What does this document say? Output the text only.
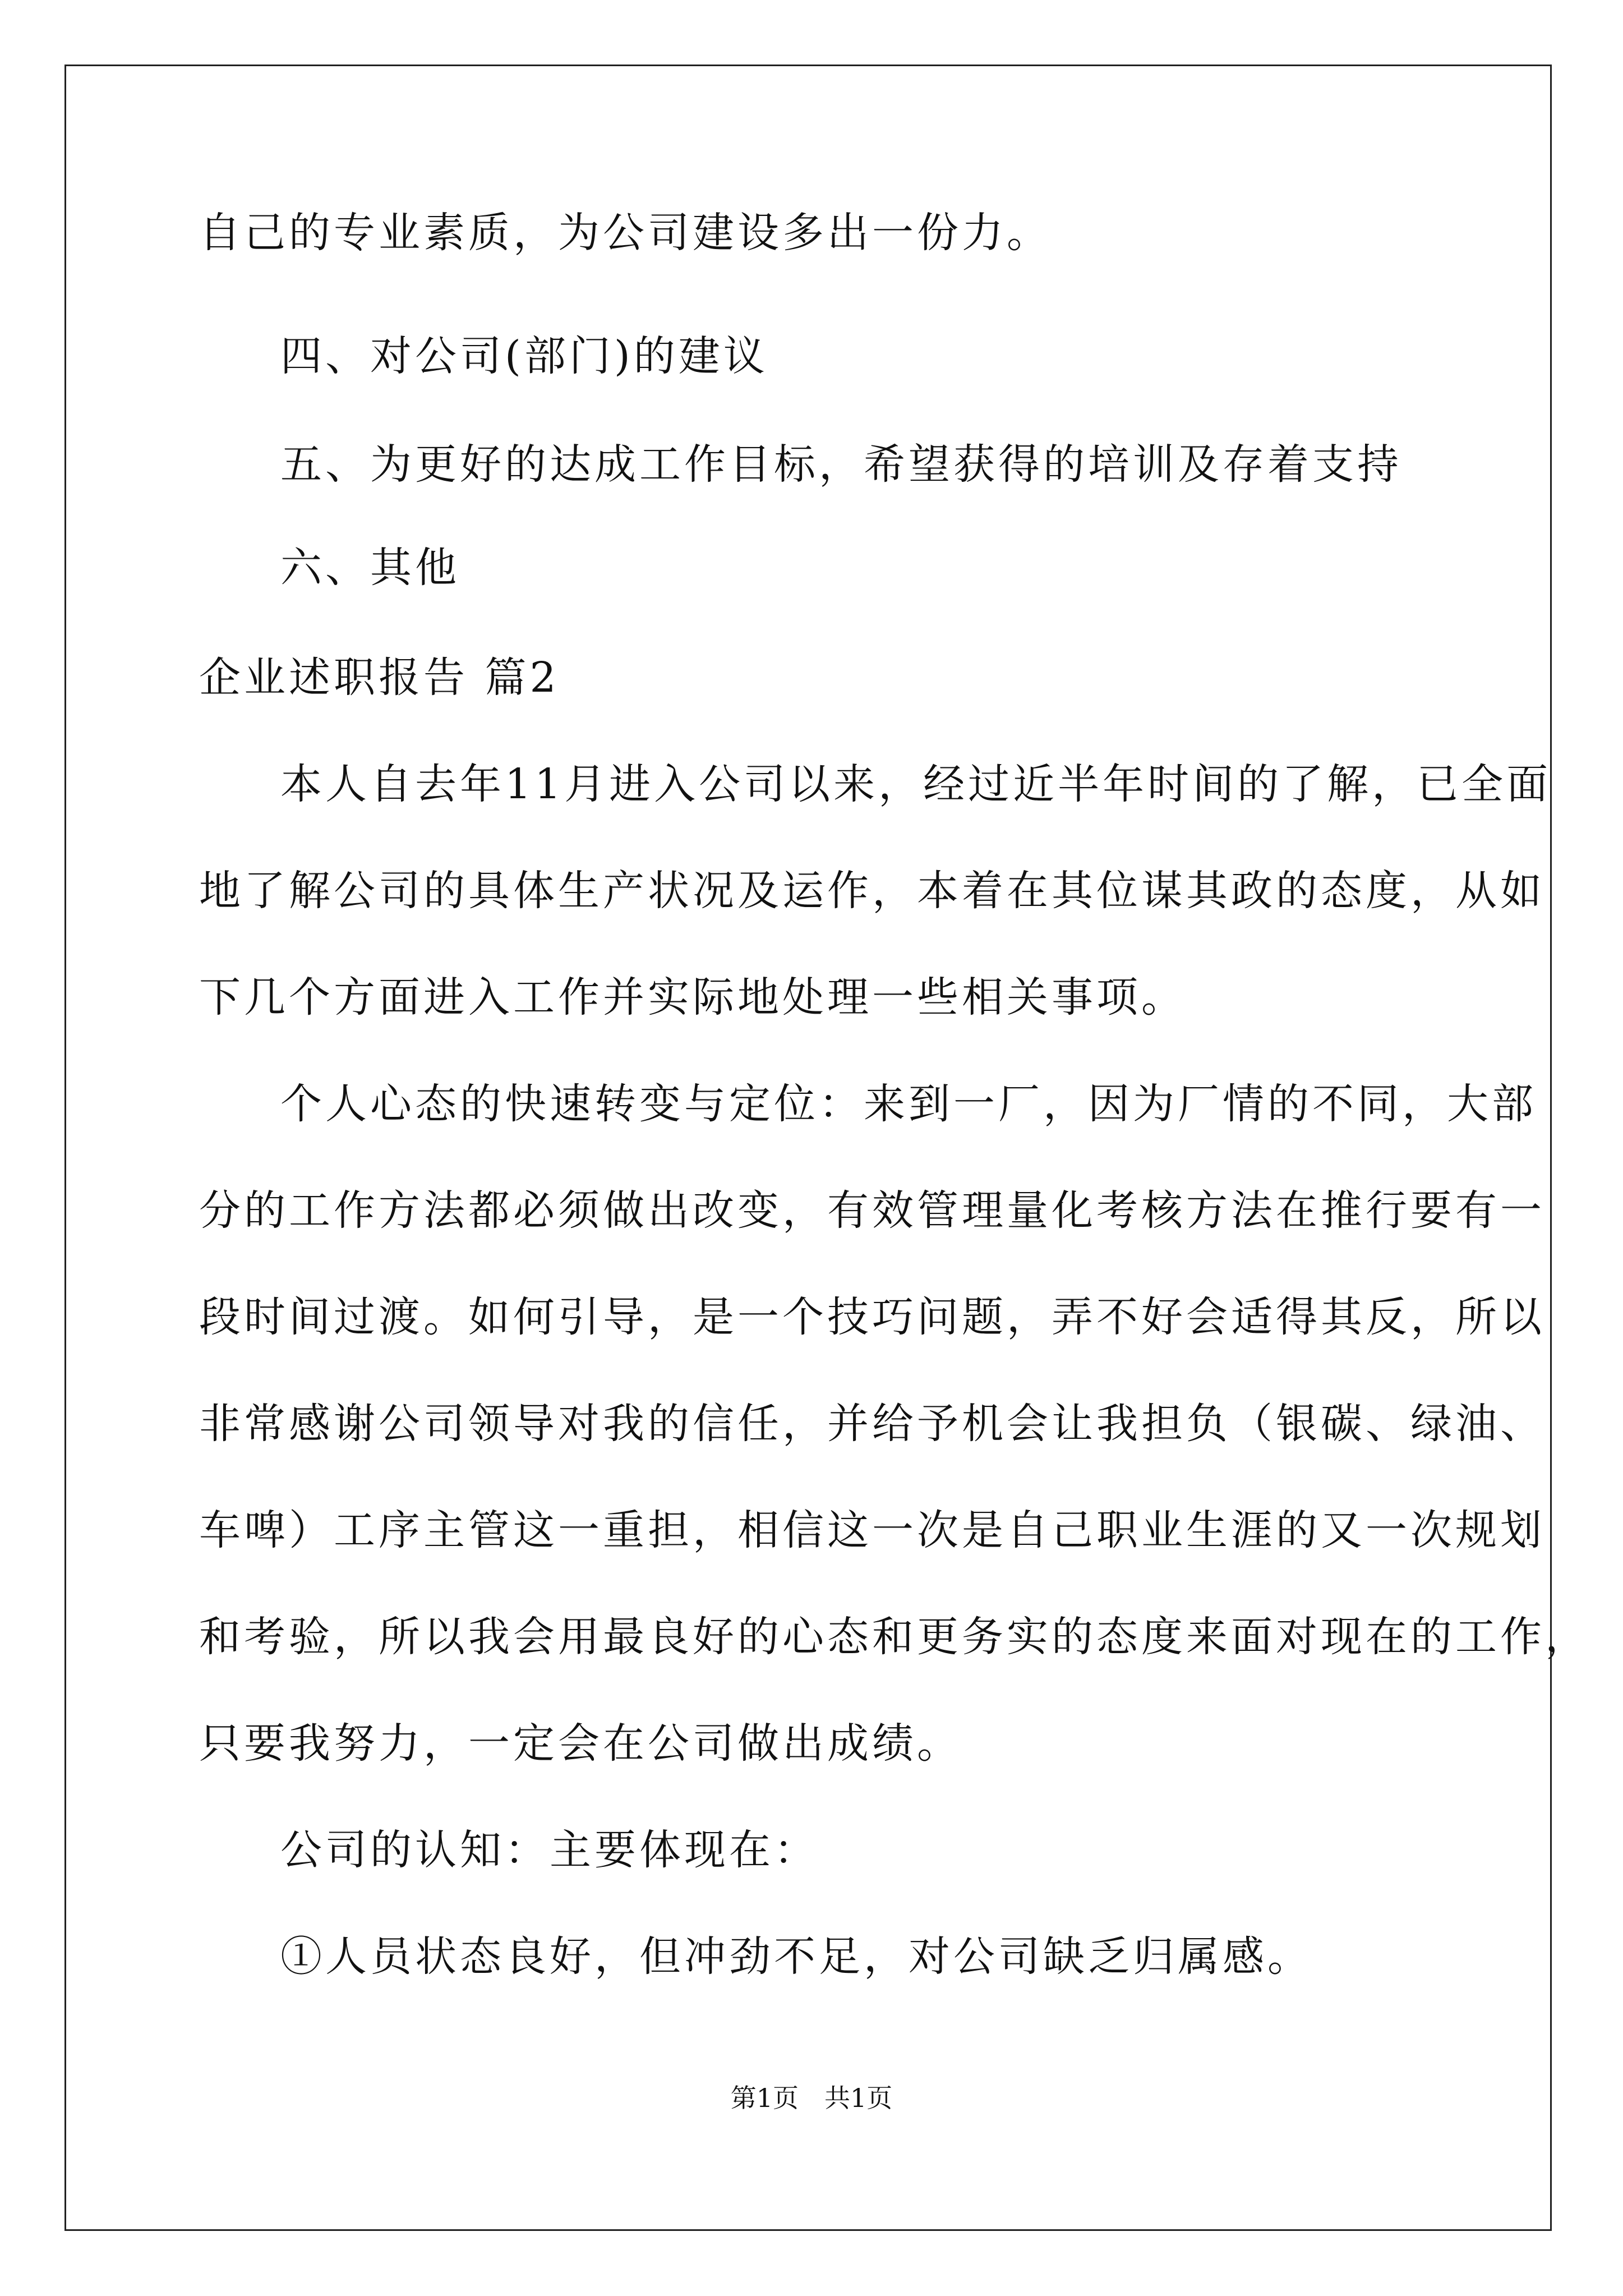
自己的专业素质，为公司建设多出一份力。
四、对公司(部门)的建议
五、为更好的达成工作目标，希望获得的培训及存着支持
六、其他
企业述职报告 篇2
本人自去年11月进入公司以来，经过近半年时间的了解，已全面
地了解公司的具体生产状况及运作，本着在其位谋其政的态度，从如
下几个方面进入工作并实际地处理一些相关事项。
个人心态的快速转变与定位：来到一厂，因为厂情的不同，大部
分的工作方法都必须做出改变，有效管理量化考核方法在推行要有一
段时间过渡。如何引导，是一个技巧问题，弄不好会适得其反，所以
非常感谢公司领导对我的信任，并给予机会让我担负（银碳、绿油、
车啤）工序主管这一重担，相信这一次是自己职业生涯的又一次规划
和考验，所以我会用最良好的心态和更务实的态度来面对现在的工作，
只要我努力，一定会在公司做出成绩。
公司的认知：主要体现在：
①人员状态良好，但冲劲不足，对公司缺乏归属感。
第1页　共1页
